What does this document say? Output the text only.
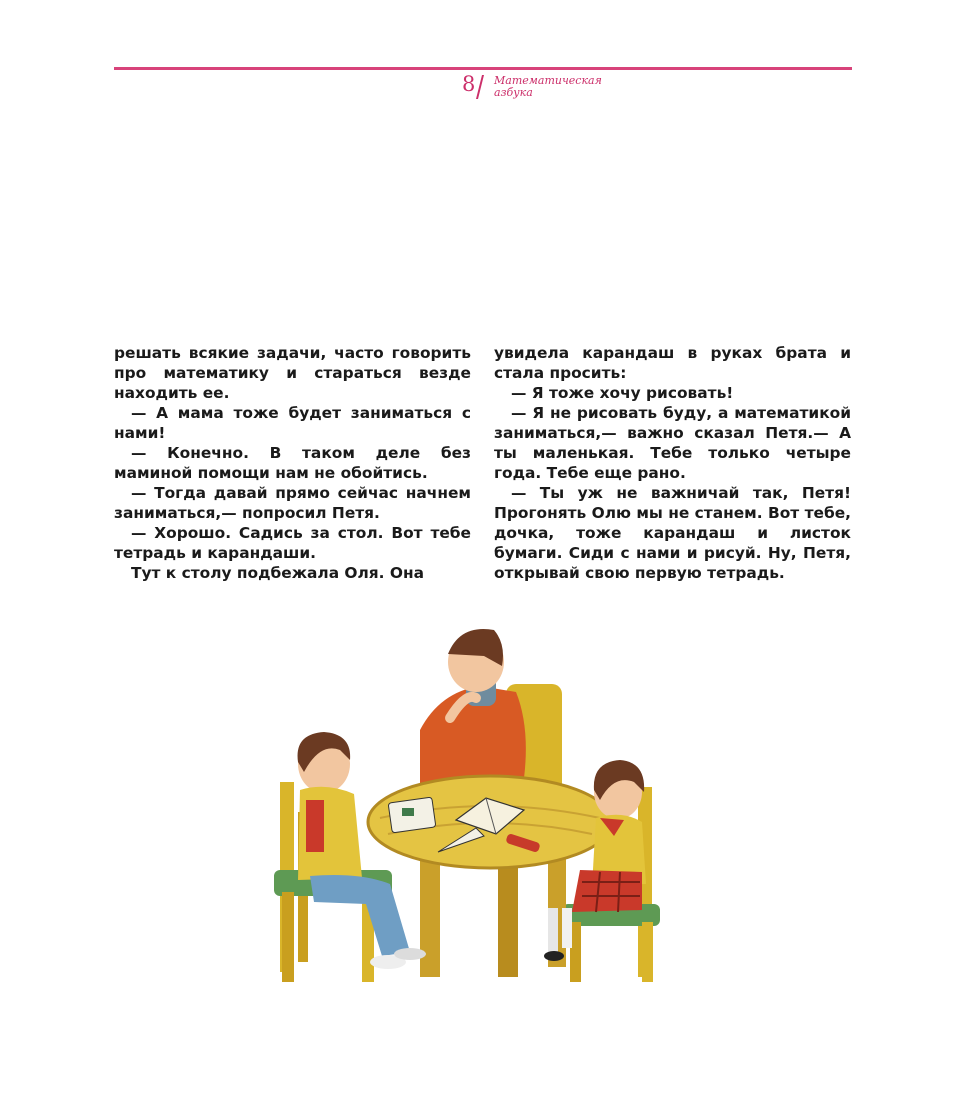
8 Математическая
азбука

решать всякие задачи, часто говорить про математику и стараться везде находить ее.

— А мама тоже будет заниматься с нами!

— Конечно. В таком деле без маминой помощи нам не обойтись.

— Тогда давай прямо сейчас начнем заниматься,— попросил Петя.

— Хорошо. Садись за стол. Вот тебе тетрадь и карандаши.

Тут к столу подбежала Оля. Она

увидела карандаш в руках брата и стала просить:

— Я тоже хочу рисовать!

— Я не рисовать буду, а математикой заниматься,— важно сказал Петя.— А ты маленькая. Тебе только четыре года. Тебе еще рано.

— Ты уж не важничай так, Петя! Прогонять Олю мы не станем. Вот тебе, дочка, тоже карандаш и листок бумаги. Сиди с нами и рисуй. Ну, Петя, открывай свою первую тетрадь.
